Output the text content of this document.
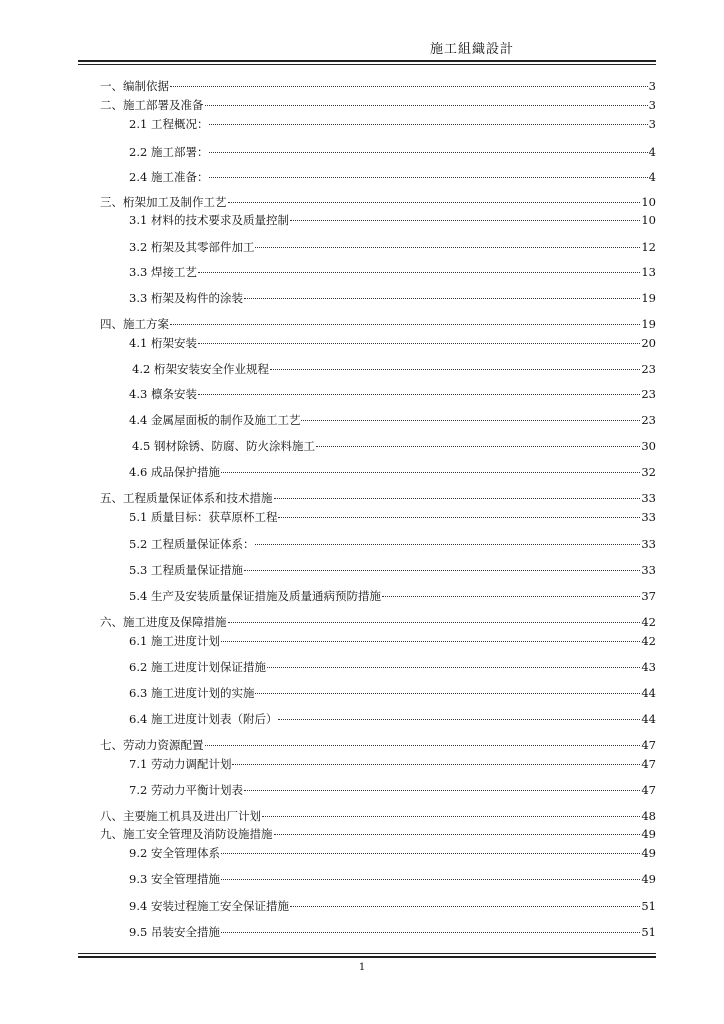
施工組織設計
一、编制依据	3
二、施工部署及准备	3
2.1 工程概况：	3
2.2 施工部署：	4
2.4 施工准备：	4
三、桁架加工及制作工艺	10
3.1 材料的技术要求及质量控制	10
3.2 桁架及其零部件加工	12
3.3 焊接工艺	13
3.3 桁架及构件的涂装	19
四、施工方案	19
4.1 桁架安装	20
4.2 桁架安装安全作业规程	23
4.3 檩条安装	23
4.4 金属屋面板的制作及施工工艺	23
4.5 钢材除锈、防腐、防火涂料施工	30
4.6 成品保护措施	32
五、工程质量保证体系和技术措施	33
5.1 质量目标：获草原杯工程	33
5.2 工程质量保证体系：	33
5.3 工程质量保证措施	33
5.4 生产及安装质量保证措施及质量通病预防措施	37
六、施工进度及保障措施	42
6.1 施工进度计划	42
6.2 施工进度计划保证措施	43
6.3 施工进度计划的实施	44
6.4 施工进度计划表（附后）	44
七、劳动力资源配置	47
7.1 劳动力调配计划	47
7.2 劳动力平衡计划表	47
八、主要施工机具及进出厂计划	48
九、施工安全管理及消防设施措施	49
9.2 安全管理体系	49
9.3 安全管理措施	49
9.4 安装过程施工安全保证措施	51
9.5 吊装安全措施	51
1
